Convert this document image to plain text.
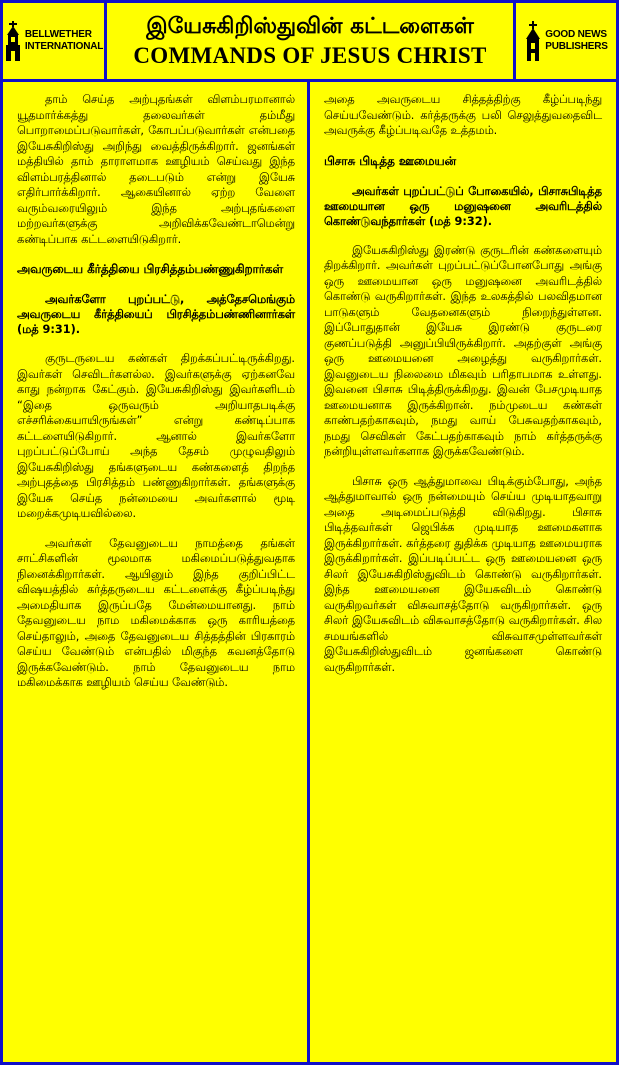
BELLWETHER
INTERNATIONAL
இயேசுகிறிஸ்துவின் கட்டளைகள்
COMMANDS OF JESUS CHRIST
GOOD NEWS
PUBLISHERS

தாம் செய்த அற்புதங்கள் விளம்பரமானால் யூதமார்க்கத்து தலைவர்கள் தம்மீது பொறாமைப்படுவார்கள், கோபப்படுவார்கள் என்பதை இயேசுகிறிஸ்து அறிந்து வைத்திருக்கிறார். ஜனங்கள் மத்தியில் தாம் தாராளமாக ஊழியம் செய்வது இந்த விளம்பரத்தினால் தடைபடும் என்று இயேசு எதிர்பார்க்கிறார். ஆகையினால் ஏற்ற வேளை வரும்வரையிலும் இந்த அற்புதங்களை மற்றவர்களுக்கு அறிவிக்கவேண்டாமென்று கண்டிப்பாக கட்டளையிடுகிறார்.

அவருடைய கீர்த்தியை பிரசித்தம்பண்ணுகிறார்கள்

அவர்களோ புறப்பட்டு, அத்தேசமெங்கும் அவருடைய கீர்த்தியைப் பிரசித்தம்பண்ணினார்கள் (மத் 9:31).

குருடருடைய கண்கள் திறக்கப்பட்டிருக்கிறது. இவர்கள் செவிடர்களல்ல. இவர்களுக்கு ஏற்கனவே காது நன்றாக கேட்கும். இயேசுகிறிஸ்து இவர்களிடம் “இதை ஒருவரும் அறியாதபடிக்கு எச்சரிக்கையாயிருங்கள்” என்று கண்டிப்பாக கட்டளையிடுகிறார். ஆனால் இவர்களோ புறப்பட்டுப்போய் அந்த தேசம் முழுவதிலும் இயேசுகிறிஸ்து தங்களுடைய கண்களைத் திறந்த அற்புதத்தை பிரசித்தம் பண்ணுகிறார்கள். தங்களுக்கு இயேசு செய்த நன்மையை அவர்களால் மூடி மறைக்கமுடியவில்லை.

அவர்கள் தேவனுடைய நாமத்தை தங்கள் சாட்சிகளின் மூலமாக மகிமைப்படுத்துவதாக நினைக்கிறார்கள். ஆயினும் இந்த குறிப்பிட்ட விஷயத்தில் கர்த்தருடைய கட்டளைக்கு கீழ்ப்படிந்து அமைதியாக இருப்பதே மேன்மையானது. நாம் தேவனுடைய நாம மகிமைக்காக ஒரு காரியத்தை செய்தாலும், அதை தேவனுடைய சித்தத்தின் பிரகாரம் செய்ய வேண்டும் என்பதில் மிகுந்த கவனத்தோடு இருக்கவேண்டும். நாம் தேவனுடைய நாம மகிமைக்காக ஊழியம் செய்ய வேண்டும்.

அதை அவருடைய சித்தத்திற்கு கீழ்ப்படிந்து செய்யவேண்டும். கர்த்தருக்கு பலி செலுத்துவதைவிட அவருக்கு கீழ்ப்படிவதே உத்தமம்.

பிசாசு பிடித்த ஊமையன்

அவர்கள் புறப்பட்டுப் போகையில், பிசாசுபிடித்த ஊமையான ஒரு மனுஷனை அவரிடத்தில் கொண்டுவந்தார்கள் (மத் 9:32).

இயேசுகிறிஸ்து இரண்டு குருடரின் கண்களையும் திறக்கிறார். அவர்கள் புறப்பட்டுப்போனபோது அங்கு ஒரு ஊமையான ஒரு மனுஷனை அவரிடத்தில் கொண்டு வருகிறார்கள். இந்த உலகத்தில் பலவிதமான பாடுகளும் வேதனைகளும் நிறைந்துள்ளன. இப்போதுதான் இயேசு இரண்டு குருடரை குணப்படுத்தி அனுப்பியிருக்கிறார். அதற்குள் அங்கு ஒரு ஊமையனை அழைத்து வருகிறார்கள். இவனுடைய நிலைமை மிகவும் பரிதாபமாக உள்ளது. இவனை பிசாசு பிடித்திருக்கிறது. இவன் பேசமுடியாத ஊமையனாக இருக்கிறான். நம்முடைய கண்கள் காண்பதற்காகவும், நமது வாய் பேசுவதற்காகவும், நமது செவிகள் கேட்பதற்காகவும் நாம் கர்த்தருக்கு நன்றியுள்ளவர்களாக இருக்கவேண்டும்.

பிசாசு ஒரு ஆத்துமாவை பிடிக்கும்போது, அந்த ஆத்துமாவால் ஒரு நன்மையும் செய்ய முடியாதவாறு அதை அடிமைப்படுத்தி விடுகிறது. பிசாசு பிடித்தவர்கள் ஜெபிக்க முடியாத ஊமைகளாக இருக்கிறார்கள். கர்த்தரை துதிக்க முடியாத ஊமையராக இருக்கிறார்கள். இப்படிப்பட்ட ஒரு ஊமையனை ஒரு சிலர் இயேசுகிறிஸ்துவிடம் கொண்டு வருகிறார்கள். இந்த ஊமையனை இயேசுவிடம் கொண்டு வருகிறவர்கள் விசுவாசத்தோடு வருகிறார்கள். ஒரு சிலர் இயேசுவிடம் விசுவாசத்தோடு வருகிறார்கள். சில சமயங்களில் விசுவாசமுள்ளவர்கள் இயேசுகிறிஸ்துவிடம் ஜனங்களை கொண்டு வருகிறார்கள்.
